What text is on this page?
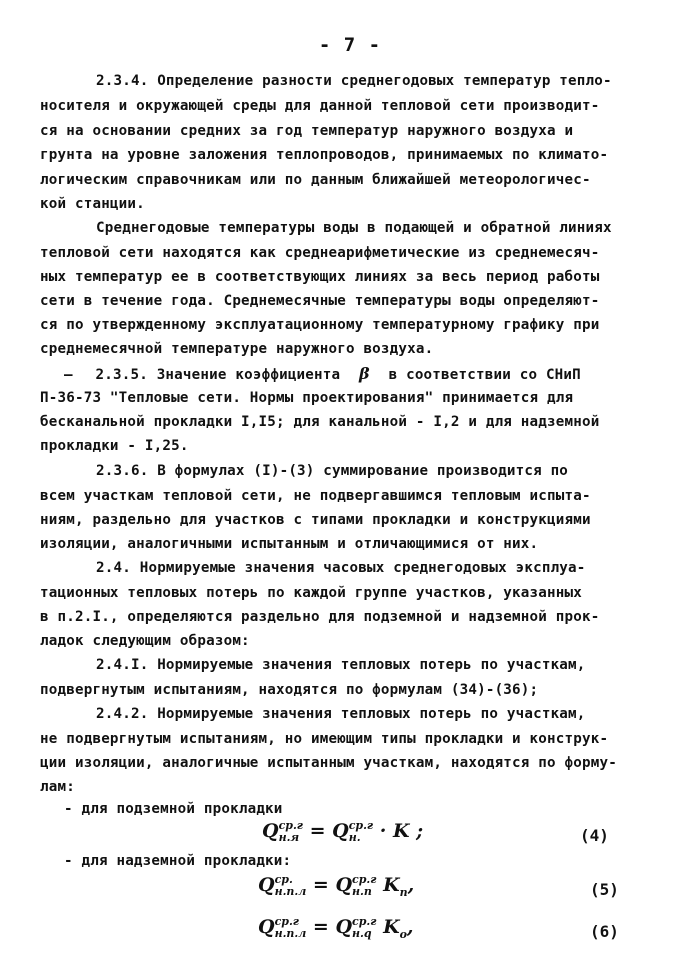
- 7 -
2.3.4. Определение разности среднегодовых температур тепло-
носителя и окружающей среды для данной тепловой сети производит-
ся на основании средних за год температур наружного воздуха и
грунта на уровне заложения теплопроводов, принимаемых по климато-
логическим справочникам или по данным ближайшей метеорологичес-
кой станции.
Среднегодовые температуры воды в подающей и обратной линиях
тепловой сети находятся как среднеарифметические из среднемесяч-
ных температур ее в соответствующих линиях за весь период работы
сети в течение года. Среднемесячные температуры воды определяют-
ся по утвержденному эксплуатационному температурному графику при
среднемесячной температуре наружного воздуха.
— 2.3.5. Значение коэффициента β в соответствии со СНиП
П-36-73 "Тепловые сети. Нормы проектирования" принимается для
бесканальной прокладки I,I5; для канальной - I,2 и для надземной
прокладки - I,25.
2.3.6. В формулах (I)-(3) суммирование производится по
всем участкам тепловой сети, не подвергавшимся тепловым испыта-
ниям, раздельно для участков с типами прокладки и конструкциями
изоляции, аналогичными испытанным и отличающимися от них.
2.4. Нормируемые значения часовых среднегодовых эксплуа-
тационных тепловых потерь по каждой группе участков, указанных
в п.2.I., определяются раздельно для подземной и надземной прок-
ладок следующим образом:
2.4.I. Нормируемые значения тепловых потерь по участкам,
подвергнутым испытаниям, находятся по формулам (34)-(36);
2.4.2. Нормируемые значения тепловых потерь по участкам,
не подвергнутым испытаниям, но имеющим типы прокладки и конструк-
ции изоляции, аналогичные испытанным участкам, находятся по форму-
лам:
- для подземной прокладки
Q ср.г
н.я = Q ср.г
н.	· K ;	(4)
- для надземной прокладки:
Q ср.
н.п.л = Q ср.г
н.п $K_п$,	(5)
Q ср.г
н.п.л = Q ср.г
н.q $K_о$,	(6)
